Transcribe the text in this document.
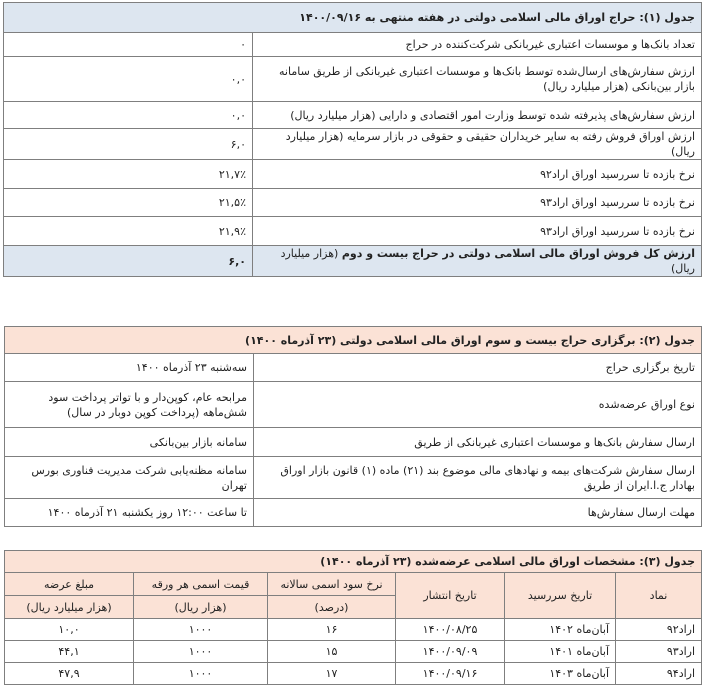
جدول (۱): حراج اوراق مالی اسلامی دولتی در هفته منتهی به ۱۴۰۰/۰۹/۱۶	
تعداد بانک‌ها و موسسات اعتباری غیربانکی شرکت‌کننده در حراج	۰
ارزش سفارش‌های ارسال‌شده توسط بانک‌ها و موسسات اعتباری غیربانکی از طریق سامانه بازار بین‌بانکی (هزار میلیارد ریال)	۰,۰
ارزش سفارش‌های پذیرفته شده توسط وزارت امور اقتصادی و دارایی (هزار میلیارد ریال)	۰,۰
ارزش اوراق فروش رفته به سایر خریداران حقیقی و حقوقی در بازار سرمایه (هزار میلیارد ریال)	۶,۰
نرخ بازده تا سررسید اوراق اراد۹۲	۲۱,۷٪
نرخ بازده تا سررسید اوراق اراد۹۳	۲۱,۵٪
نرخ بازده تا سررسید اوراق اراد۹۳	۲۱,۹٪
ارزش کل فروش اوراق مالی اسلامی دولتی در حراج بیست و دوم (هزار میلیارد ریال)	۶,۰
جدول (۲): برگزاری حراج بیست و سوم اوراق مالی اسلامی دولتی (۲۳ آذرماه ۱۴۰۰)	
تاریخ برگزاری حراج	سه‌شنبه ۲۳ آذرماه ۱۴۰۰
نوع اوراق عرضه‌شده	مرابحه عام، کوپن‌دار و با تواتر پرداخت سود شش‌ماهه (پرداخت کوپن دوبار در سال)
ارسال سفارش بانک‌ها و موسسات اعتباری غیربانکی از طریق	سامانه بازار بین‌بانکی
ارسال سفارش شرکت‌های بیمه و نهادهای مالی موضوع بند (۲۱) ماده (۱) قانون بازار اوراق بهادار ج.ا.ایران از طریق	سامانه مظنه‌یابی شرکت مدیریت فناوری بورس تهران
مهلت ارسال سفارش‌ها	تا ساعت ۱۲:۰۰ روز یکشنبه ۲۱ آذرماه ۱۴۰۰
جدول (۳): مشخصات اوراق مالی اسلامی عرضه‌شده (۲۳ آذرماه ۱۴۰۰)					
نماد	تاریخ سررسید	تاریخ انتشار	نرخ سود اسمی سالانه	قیمت اسمی هر ورقه	مبلغ عرضه
			(درصد)	(هزار ریال)	(هزار میلیارد ریال)
اراد۹۲	آبان‌ماه ۱۴۰۲	۱۴۰۰/۰۸/۲۵	۱۶	۱۰۰۰	۱۰,۰
اراد۹۳	آبان‌ماه ۱۴۰۱	۱۴۰۰/۰۹/۰۹	۱۵	۱۰۰۰	۴۴,۱
اراد۹۴	آبان‌ماه ۱۴۰۳	۱۴۰۰/۰۹/۱۶	۱۷	۱۰۰۰	۴۷,۹
